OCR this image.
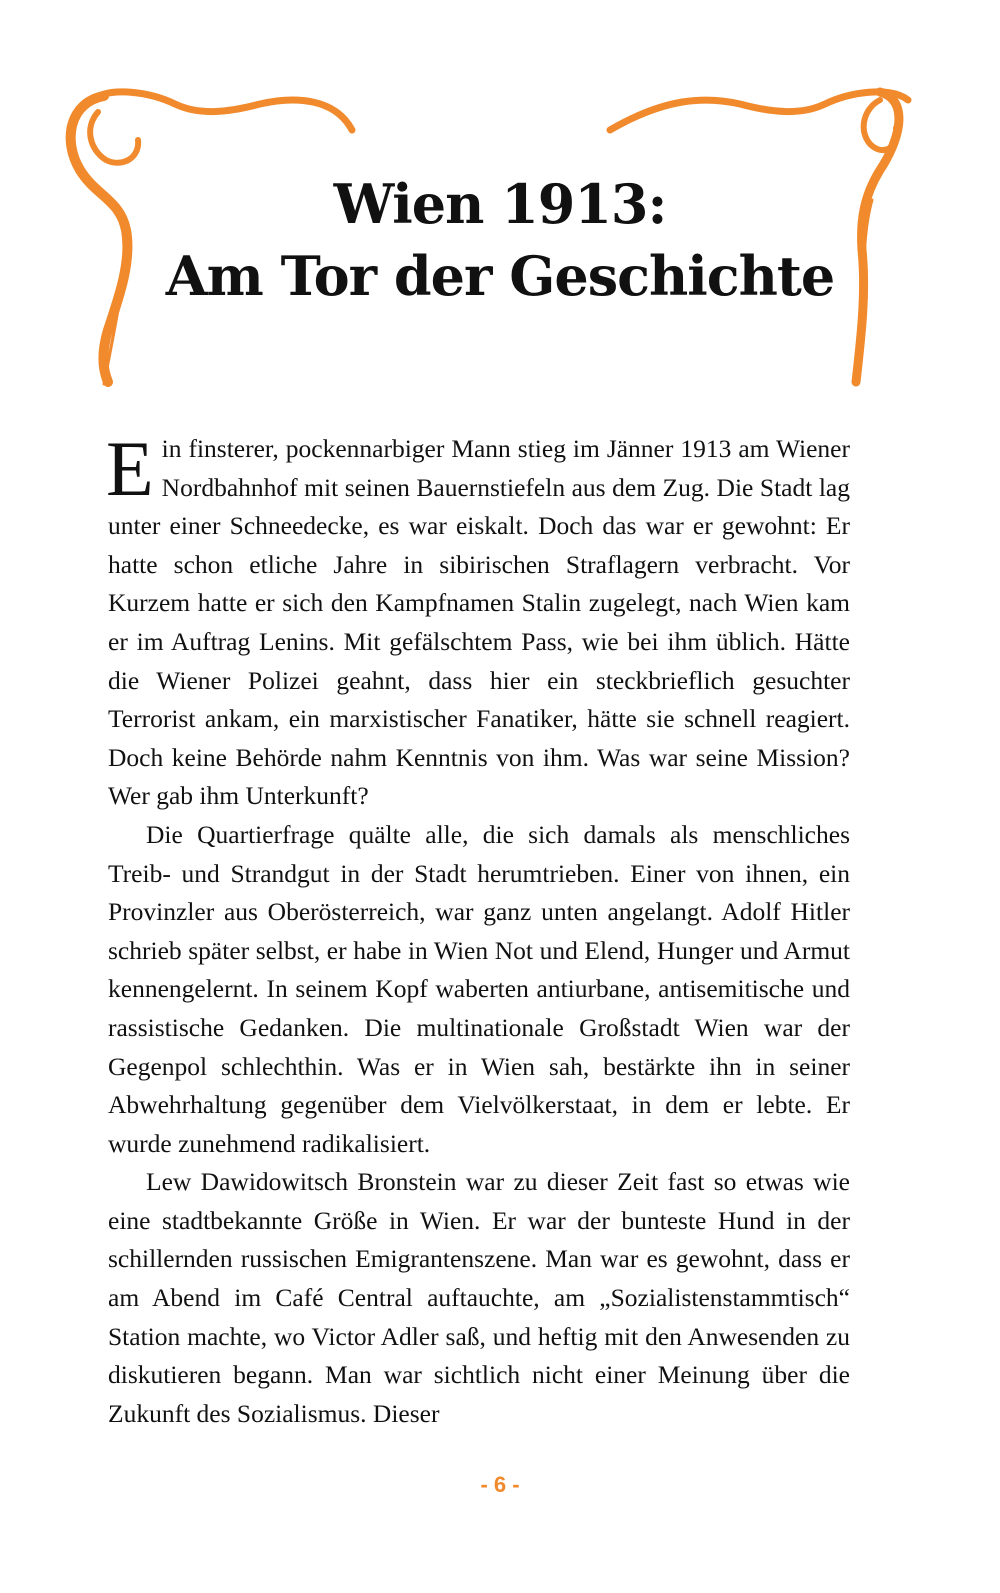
Wien 1913:
Am Tor der Geschichte

Ein finsterer, pockennarbiger Mann stieg im Jänner 1913 am Wiener Nordbahnhof mit seinen Bauernstiefeln aus dem Zug. Die Stadt lag unter einer Schneedecke, es war eiskalt. Doch das war er gewohnt: Er hatte schon etliche Jahre in sibirischen Straflagern verbracht. Vor Kurzem hatte er sich den Kampfnamen Stalin zugelegt, nach Wien kam er im Auftrag Lenins. Mit gefälschtem Pass, wie bei ihm üblich. Hätte die Wiener Polizei geahnt, dass hier ein steckbrieflich gesuchter Terrorist ankam, ein marxistischer Fanatiker, hätte sie schnell reagiert. Doch keine Behörde nahm Kenntnis von ihm. Was war seine Mission? Wer gab ihm Unterkunft?

Die Quartierfrage quälte alle, die sich damals als menschliches Treib- und Strandgut in der Stadt herumtrieben. Einer von ihnen, ein Provinzler aus Oberösterreich, war ganz unten angelangt. Adolf Hitler schrieb später selbst, er habe in Wien Not und Elend, Hunger und Armut kennengelernt. In seinem Kopf waberten antiurbane, antisemitische und rassistische Gedanken. Die multinationale Großstadt Wien war der Gegenpol schlechthin. Was er in Wien sah, bestärkte ihn in seiner Abwehrhaltung gegenüber dem Vielvölkerstaat, in dem er lebte. Er wurde zunehmend radikalisiert.

Lew Dawidowitsch Bronstein war zu dieser Zeit fast so etwas wie eine stadtbekannte Größe in Wien. Er war der bunteste Hund in der schillernden russischen Emigrantenszene. Man war es gewohnt, dass er am Abend im Café Central auftauchte, am „Sozialistenstammtisch“ Station machte, wo Victor Adler saß, und heftig mit den Anwesenden zu diskutieren begann. Man war sichtlich nicht einer Meinung über die Zukunft des Sozialismus. Dieser

- 6 -
